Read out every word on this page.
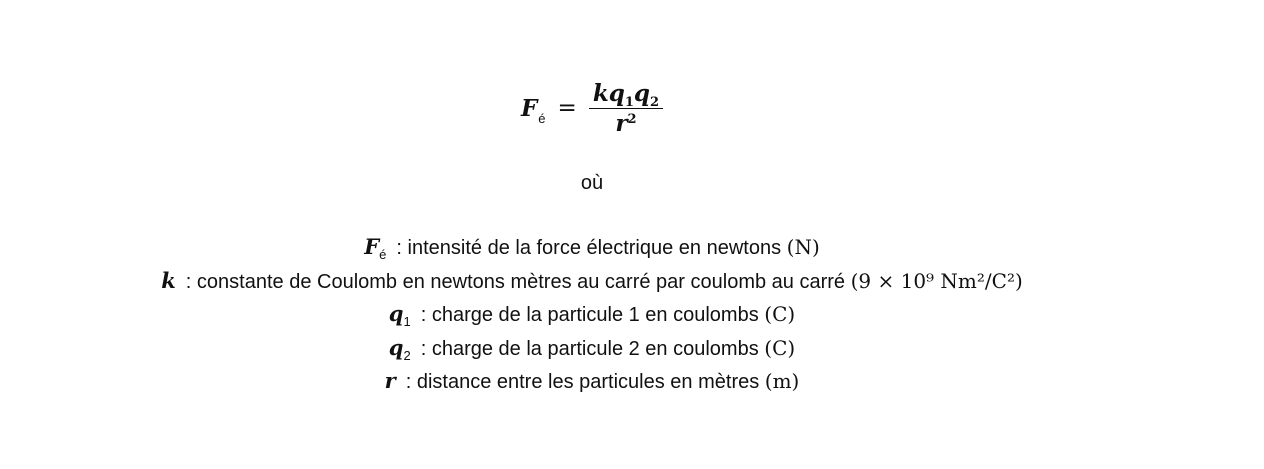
F é = $\frac{\text{k q 1 q 2}}{r 2}$
où
$F_é$ : intensité de la force électrique en newtons (N)
k : constante de Coulomb en newtons mètres au carré par coulomb au carré (9 × 10⁹ Nm²/C²)
$q_1$ : charge de la particule 1 en coulombs (C)
$q_2$ : charge de la particule 2 en coulombs (C)
r : distance entre les particules en mètres (m)
